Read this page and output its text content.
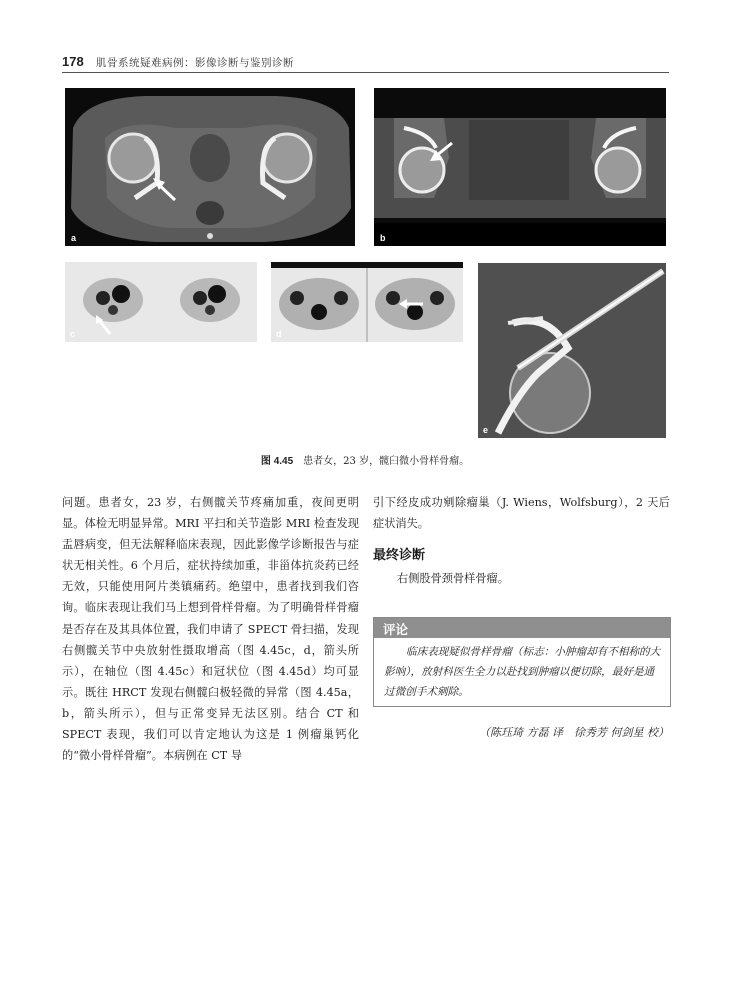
178 肌骨系统疑难病例：影像诊断与鉴别诊断
a	b
c	d
e
图 4.45 患者女，23 岁，髋臼微小骨样骨瘤。

问题。患者女，23 岁，右侧髋关节疼痛加重，夜间更明显。体检无明显异常。MRI 平扫和关节造影 MRI 检查发现盂唇病变，但无法解释临床表现，因此影像学诊断报告与症状无相关性。6 个月后，症状持续加重，非甾体抗炎药已经无效，只能使用阿片类镇痛药。绝望中，患者找到我们咨询。临床表现让我们马上想到骨样骨瘤。为了明确骨样骨瘤是否存在及其具体位置，我们申请了 SPECT 骨扫描，发现右侧髋关节中央放射性摄取增高（图 4.45c，d，箭头所示），在轴位（图 4.45c）和冠状位（图 4.45d）均可显示。既往 HRCT 发现右侧髋臼极轻微的异常（图 4.45a，b，箭头所示），但与正常变异无法区别。结合 CT 和 SPECT 表现，我们可以肯定地认为这是 1 例瘤巢钙化的“微小骨样骨瘤”。本病例在 CT 导

引下经皮成功剜除瘤巢（J. Wiens，Wolfsburg），2 天后症状消失。

最终诊断
右侧股骨颈骨样骨瘤。
评论
临床表现疑似骨样骨瘤（标志：小肿瘤却有不相称的大影响），放射科医生全力以赴找到肿瘤以便切除，最好是通过微创手术剜除。
（陈珏琦 方磊 译　徐秀芳 何剑星 校）
